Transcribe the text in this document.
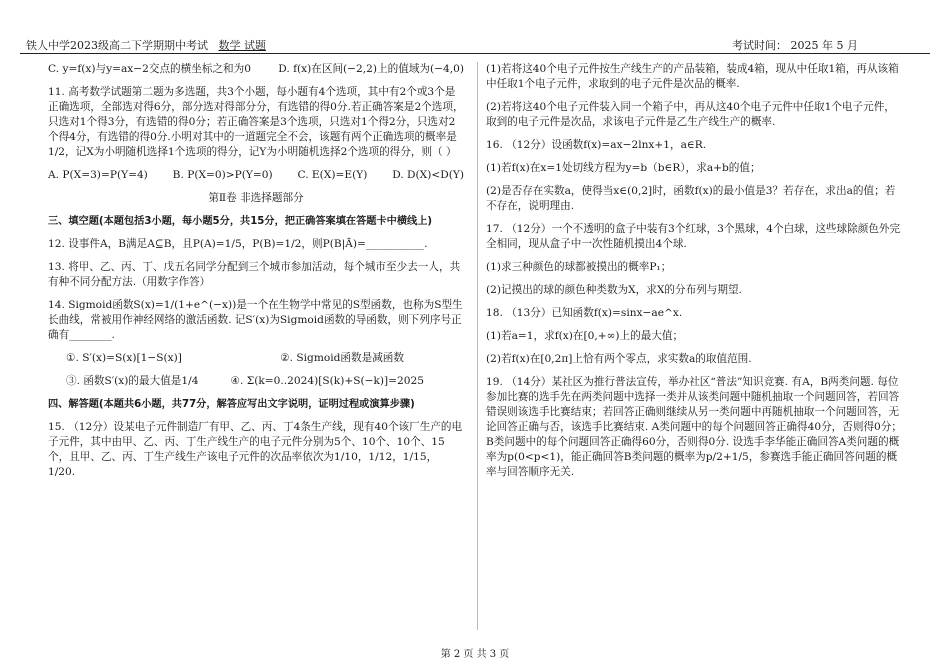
铁人中学2023级高二下学期期中考试 数学 试题	考试时间： 2025 年 5 月

C. y=f(x)与y=ax−2交点的横坐标之和为0	D. f(x)在区间(−2,2)上的值域为(−4,0)

11. 高考数学试题第二题为多选题，共3个小题，每小题有4个选项，其中有2个或3个是正确选项，全部选对得6分，部分选对得部分分，有选错的得0分.若正确答案是2个选项，只选对1个得3分，有选错的得0分；若正确答案是3个选项，只选对1个得2分，只选对2个得4分，有选错的得0分.小明对其中的一道题完全不会，该题有两个正确选项的概率是1/2，记X为小明随机选择1个选项的得分，记Y为小明随机选择2个选项的得分，则（ ）

A. P(X=3)=P(Y=4) B. P(X=0)>P(Y=0) C. E(X)=E(Y) D. D(X)<D(Y)

第Ⅱ卷 非选择题部分

三、填空题(本题包括3小题，每小题5分，共15分，把正确答案填在答题卡中横线上)

12. 设事件A，B满足A⊆B，且P(A)=1/5，P(B)=1/2，则P(B|Ā)=___________.

13. 将甲、乙、丙、丁、戊五名同学分配到三个城市参加活动，每个城市至少去一人，共有种不同分配方法.（用数字作答）

14. Sigmoid函数S(x)=1/(1+e^(−x))是一个在生物学中常见的S型函数，也称为S型生长曲线，常被用作神经网络的激活函数. 记S′(x)为Sigmoid函数的导函数，则下列序号正确有________.

①. S′(x)=S(x)[1−S(x)]	②. Sigmoid函数是减函数

③. 函数S′(x)的最大值是1/4	④. Σ(k=0..2024)[S(k)+S(−k)]=2025

四、解答题(本题共6小题，共77分，解答应写出文字说明，证明过程或演算步骤)

15. （12分）设某电子元件制造厂有甲、乙、丙、丁4条生产线，现有40个该厂生产的电子元件，其中由甲、乙、丙、丁生产线生产的电子元件分别为5个、10个、10个、15个，且甲、乙、丙、丁生产线生产该电子元件的次品率依次为1/10，1/12，1/15，1/20.

(1)若将这40个电子元件按生产线生产的产品装箱，装成4箱，现从中任取1箱，再从该箱中任取1个电子元件，求取到的电子元件是次品的概率.

(2)若将这40个电子元件装入同一个箱子中，再从这40个电子元件中任取1个电子元件，取到的电子元件是次品，求该电子元件是乙生产线生产的概率.

16. （12分）设函数f(x)=ax−2lnx+1，a∈R.

(1)若f(x)在x=1处切线方程为y=b（b∈R），求a+b的值；

(2)是否存在实数a，使得当x∈(0,2]时，函数f(x)的最小值是3？若存在，求出a的值；若不存在，说明理由.

17. （12分）一个不透明的盒子中装有3个红球，3个黑球，4个白球，这些球除颜色外完全相同，现从盒子中一次性随机摸出4个球.

(1)求三种颜色的球都被摸出的概率P₁；

(2)记摸出的球的颜色种类数为X，求X的分布列与期望.

18. （13分）已知函数f(x)=sinx−ae^x.

(1)若a=1，求f(x)在[0,+∞)上的最大值；

(2)若f(x)在[0,2π]上恰有两个零点，求实数a的取值范围.

19. （14分）某社区为推行普法宣传，举办社区“普法”知识竞赛. 有A，B两类问题. 每位参加比赛的选手先在两类问题中选择一类并从该类问题中随机抽取一个问题回答，若回答错误则该选手比赛结束；若回答正确则继续从另一类问题中再随机抽取一个问题回答，无论回答正确与否，该选手比赛结束. A类问题中的每个问题回答正确得40分，否则得0分；B类问题中的每个问题回答正确得60分，否则得0分. 设选手李华能正确回答A类问题的概率为p(0<p<1)，能正确回答B类问题的概率为p/2+1/5，参赛选手能正确回答问题的概率与回答顺序无关.

第 2 页 共 3 页
